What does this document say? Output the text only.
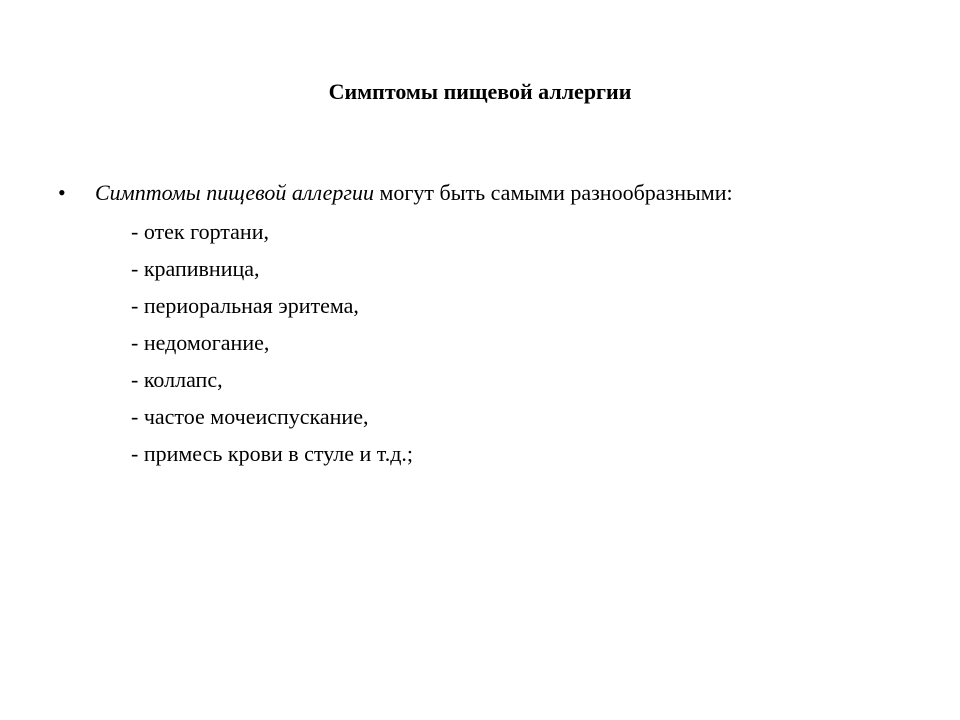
Симптомы пищевой аллергии
• Симптомы пищевой аллергии могут быть самыми разнообразными:
- отек гортани,
- крапивница,
- периоральная эритема,
- недомогание,
- коллапс,
- частое мочеиспускание,
- примесь крови в стуле и т.д.;
